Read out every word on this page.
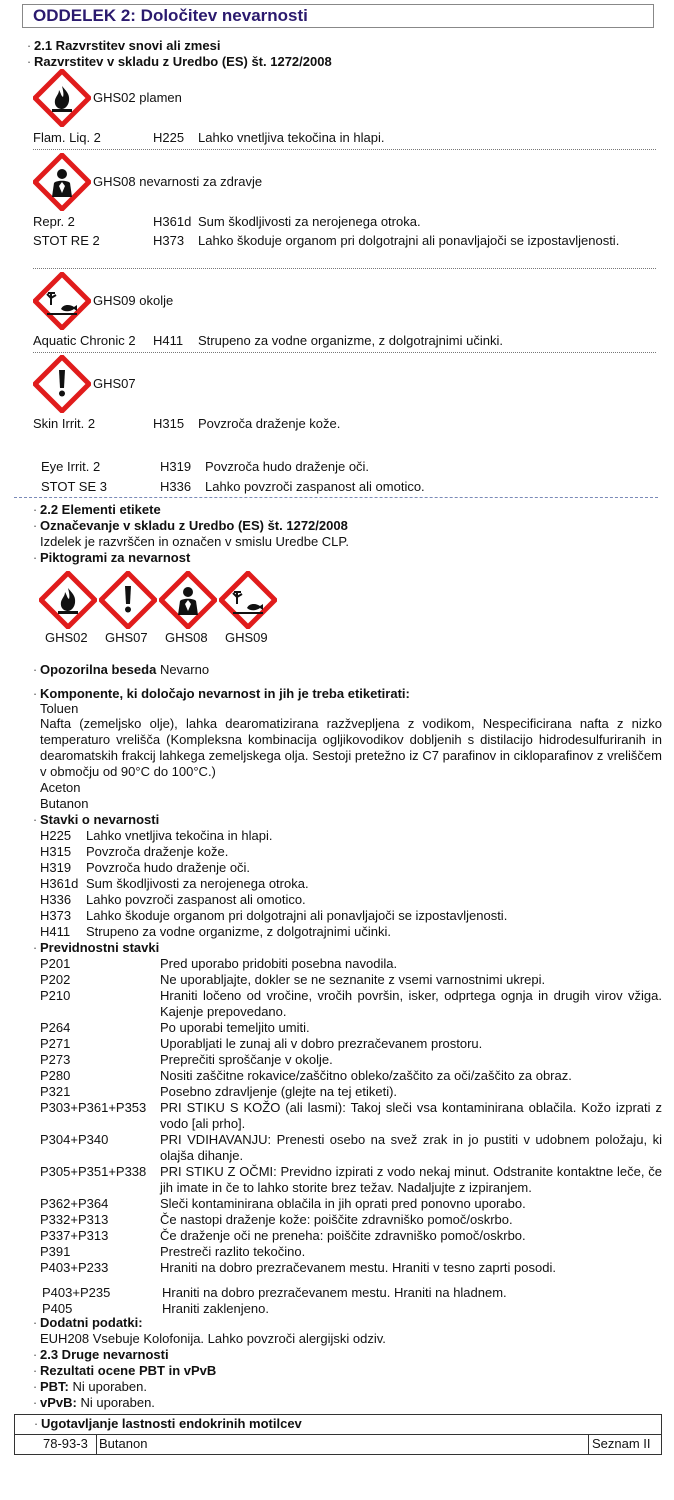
ODDELEK 2: Določitev nevarnosti
· 2.1 Razvrstitev snovi ali zmesi
· Razvrstitev v skladu z Uredbo (ES) št. 1272/2008
GHS02 plamen
Flam. Liq. 2	H225 Lahko vnetljiva tekočina in hlapi.
GHS08 nevarnosti za zdravje
Repr. 2	H361d Sum škodljivosti za nerojenega otroka.
STOT RE 2	H373 Lahko škoduje organom pri dolgotrajni ali ponavljajoči se izpostavljenosti.
GHS09 okolje
Aquatic Chronic 2 H411 Strupeno za vodne organizme, z dolgotrajnimi učinki.
GHS07
Skin Irrit. 2	H315 Povzroča draženje kože.
Eye Irrit. 2	H319 Povzroča hudo draženje oči.
STOT SE 3	H336 Lahko povzroči zaspanost ali omotico.
· 2.2 Elementi etikete
· Označevanje v skladu z Uredbo (ES) št. 1272/2008
Izdelek je razvrščen in označen v smislu Uredbe CLP.
· Piktogrami za nevarnost
GHS02 GHS07 GHS08 GHS09
· Opozorilna beseda Nevarno
· Komponente, ki določajo nevarnost in jih je treba etiketirati:
Toluen
Nafta (zemeljsko olje), lahka dearomatizirana razžvepljena z vodikom, Nespecificirana nafta z nizko temperaturo vrelišča (Kompleksna kombinacija ogljikovodikov dobljenih s distilacijo hidrodesulfuriranih in dearomatskih frakcij lahkega zemeljskega olja. Sestoji pretežno iz C7 parafinov in cikloparafinov z vreliščem v območju od 90°C do 100°C.)
Aceton
Butanon
· Stavki o nevarnosti
H225 Lahko vnetljiva tekočina in hlapi.
H315 Povzroča draženje kože.
H319 Povzroča hudo draženje oči.
H361d Sum škodljivosti za nerojenega otroka.
H336 Lahko povzroči zaspanost ali omotico.
H373 Lahko škoduje organom pri dolgotrajni ali ponavljajoči se izpostavljenosti.
H411 Strupeno za vodne organizme, z dolgotrajnimi učinki.
· Previdnostni stavki
P201	Pred uporabo pridobiti posebna navodila.
P202	Ne uporabljajte, dokler se ne seznanite z vsemi varnostnimi ukrepi.
P210	Hraniti ločeno od vročine, vročih površin, isker, odprtega ognja in drugih virov vžiga. Kajenje prepovedano.
P264	Po uporabi temeljito umiti.
P271	Uporabljati le zunaj ali v dobro prezračevanem prostoru.
P273	Preprečiti sproščanje v okolje.
P280	Nositi zaščitne rokavice/zaščitno obleko/zaščito za oči/zaščito za obraz.
P321	Posebno zdravljenje (glejte na tej etiketi).
P303+P361+P353 PRI STIKU S KOŽO (ali lasmi): Takoj sleči vsa kontaminirana oblačila. Kožo izprati z vodo [ali prho].
P304+P340	PRI VDIHAVANJU: Prenesti osebo na svež zrak in jo pustiti v udobnem položaju, ki olajša dihanje.
P305+P351+P338 PRI STIKU Z OČMI: Previdno izpirati z vodo nekaj minut. Odstranite kontaktne leče, če jih imate in če to lahko storite brez težav. Nadaljujte z izpiranjem.
P362+P364	Sleči kontaminirana oblačila in jih oprati pred ponovno uporabo.
P332+P313	Če nastopi draženje kože: poiščite zdravniško pomoč/oskrbo.
P337+P313	Če draženje oči ne preneha: poiščite zdravniško pomoč/oskrbo.
P391	Prestreči razlito tekočino.
P403+P233	Hraniti na dobro prezračevanem mestu. Hraniti v tesno zaprti posodi.
P403+P235	Hraniti na dobro prezračevanem mestu. Hraniti na hladnem.
P405	Hraniti zaklenjeno.
· Dodatni podatki:
EUH208 Vsebuje Kolofonija. Lahko povzroči alergijski odziv.
· 2.3 Druge nevarnosti
· Rezultati ocene PBT in vPvB
· PBT: Ni uporaben.
· vPvB: Ni uporaben.
· Ugotavljanje lastnosti endokrinih motilcev
78-93-3 Butanon	Seznam II
